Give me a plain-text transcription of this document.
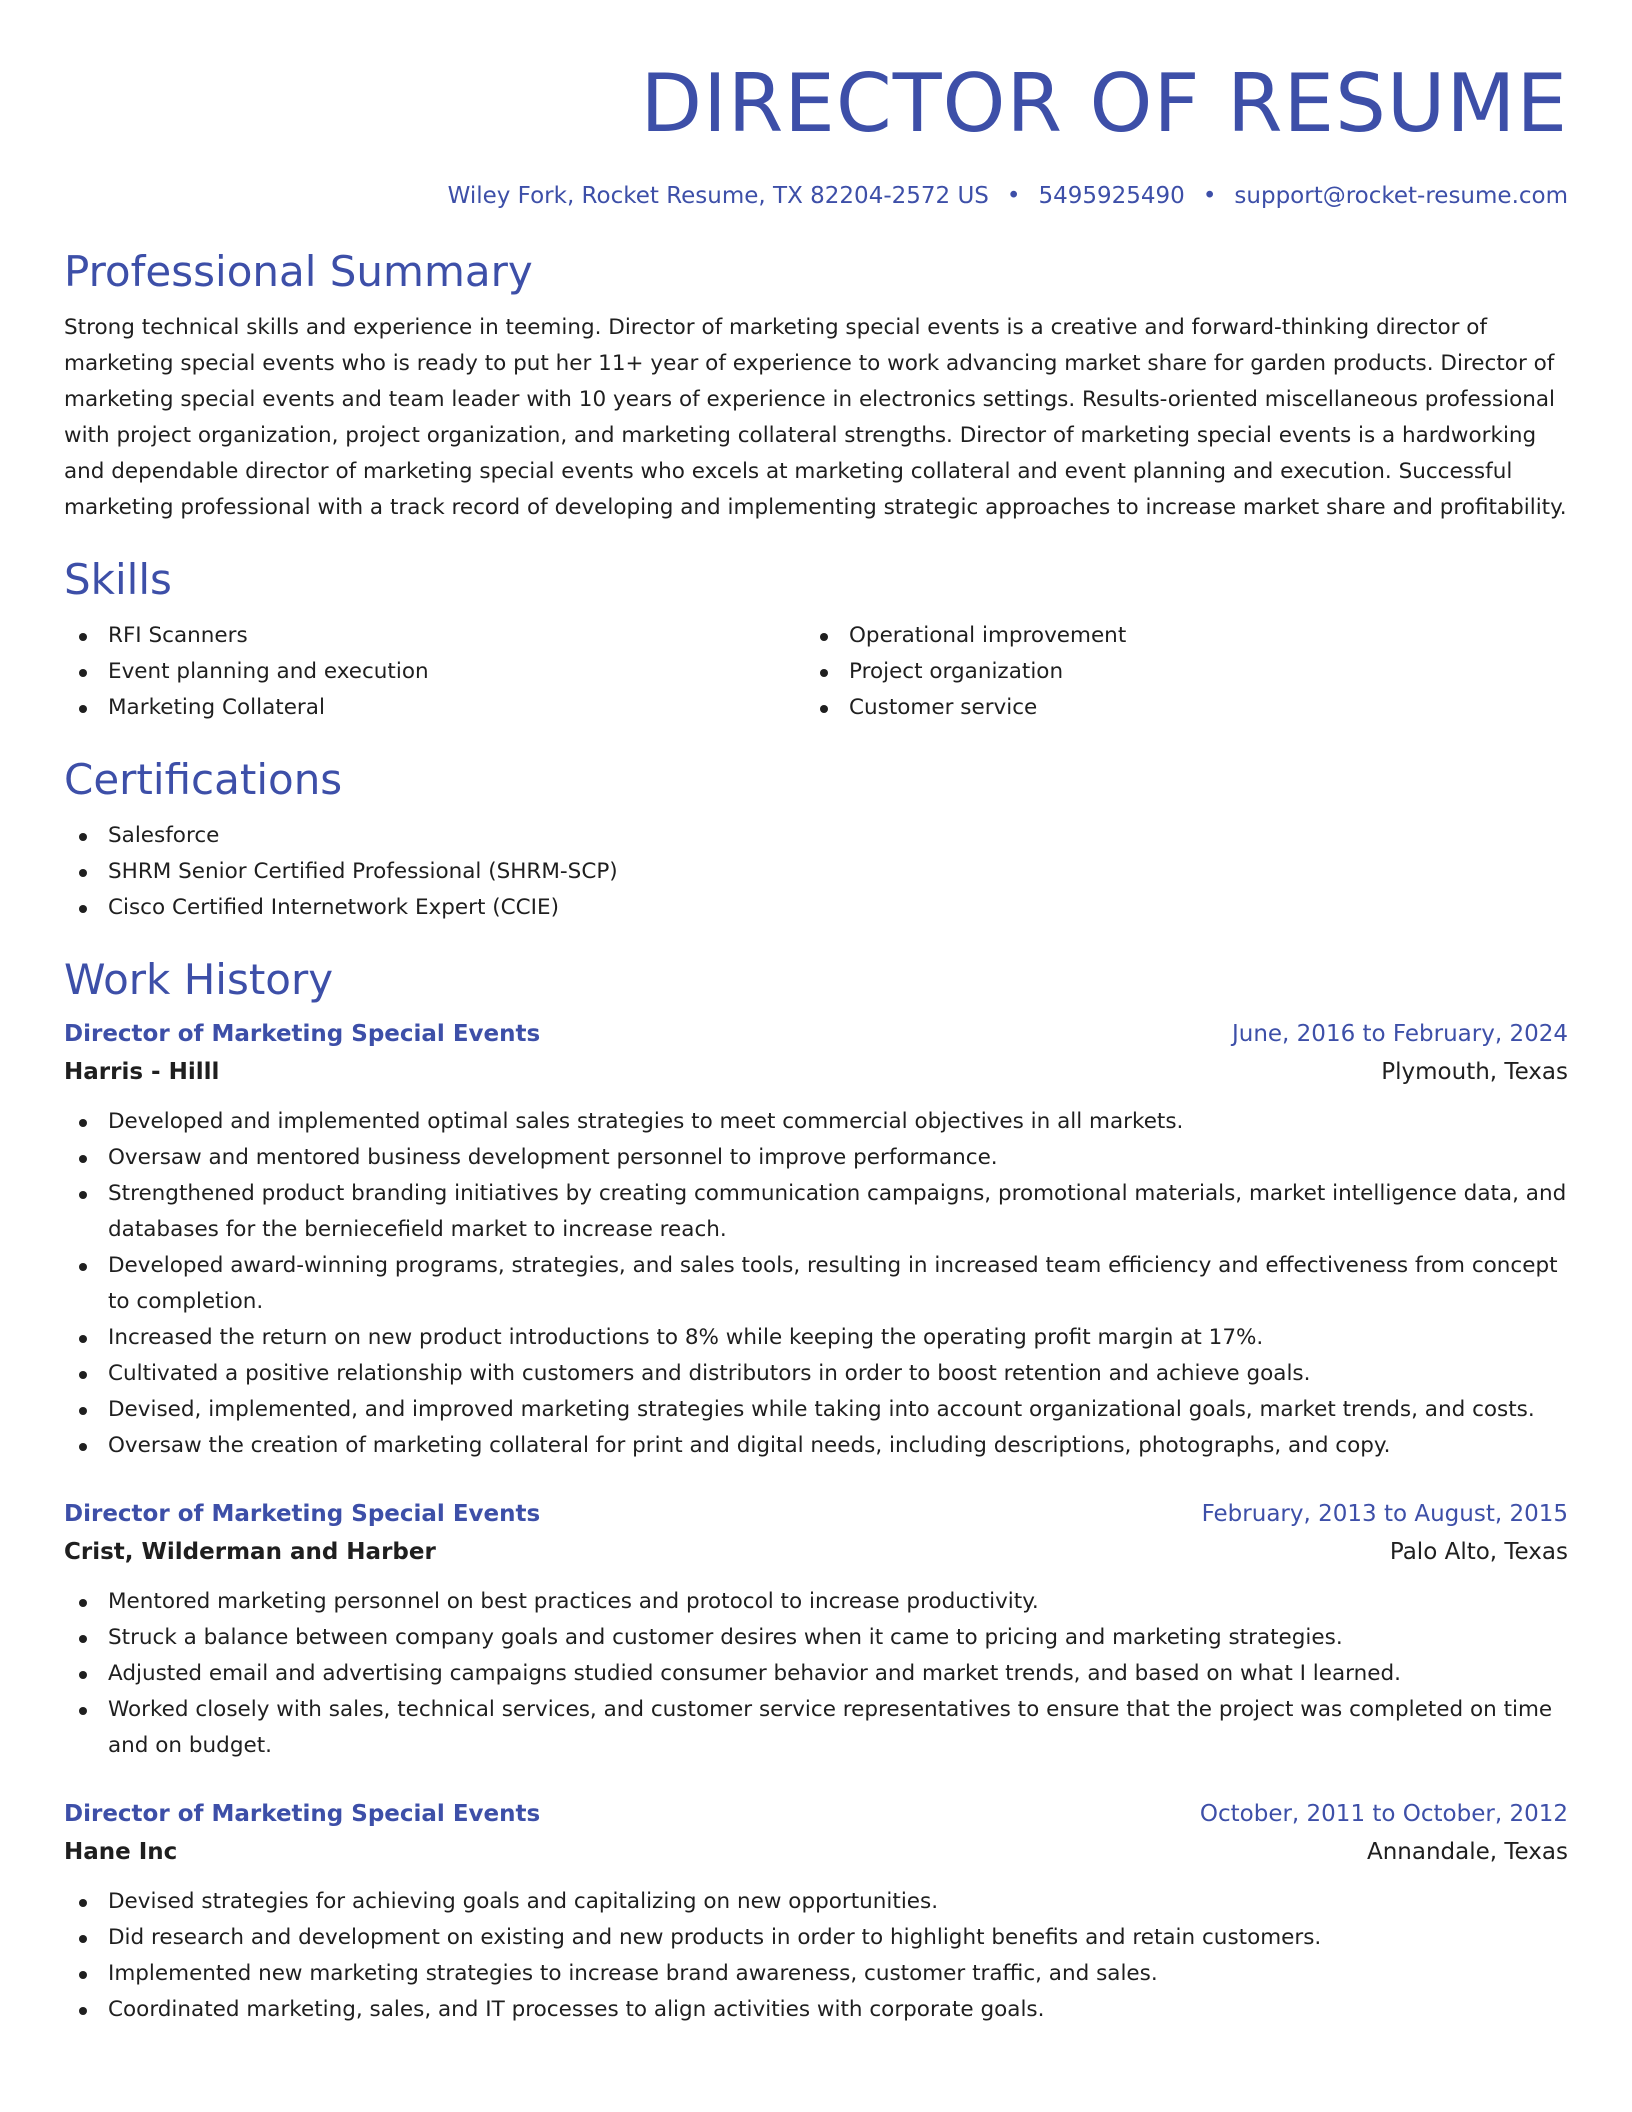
DIRECTOR OF RESUME
Wiley Fork, Rocket Resume, TX 82204-2572 US • 5495925490 • support@rocket-resume.com
Professional Summary
Strong technical skills and experience in teeming. Director of marketing special events is a creative and forward-thinking director of marketing special events who is ready to put her 11+ year of experience to work advancing market share for garden products. Director of marketing special events and team leader with 10 years of experience in electronics settings. Results-oriented miscellaneous professional with project organization, project organization, and marketing collateral strengths. Director of marketing special events is a hardworking and dependable director of marketing special events who excels at marketing collateral and event planning and execution. Successful marketing professional with a track record of developing and implementing strategic approaches to increase market share and profitability.
Skills
RFI Scanners
Event planning and execution
Marketing Collateral
Operational improvement
Project organization
Customer service
Certifications
Salesforce
SHRM Senior Certified Professional (SHRM-SCP)
Cisco Certified Internetwork Expert (CCIE)
Work History
Director of Marketing Special Events	June, 2016 to February, 2024
Harris - Hilll	Plymouth, Texas
Developed and implemented optimal sales strategies to meet commercial objectives in all markets.
Oversaw and mentored business development personnel to improve performance.
Strengthened product branding initiatives by creating communication campaigns, promotional materials, market intelligence data, and databases for the berniecefield market to increase reach.
Developed award-winning programs, strategies, and sales tools, resulting in increased team efficiency and effectiveness from concept to completion.
Increased the return on new product introductions to 8% while keeping the operating profit margin at 17%.
Cultivated a positive relationship with customers and distributors in order to boost retention and achieve goals.
Devised, implemented, and improved marketing strategies while taking into account organizational goals, market trends, and costs.
Oversaw the creation of marketing collateral for print and digital needs, including descriptions, photographs, and copy.
Director of Marketing Special Events	February, 2013 to August, 2015
Crist, Wilderman and Harber	Palo Alto, Texas
Mentored marketing personnel on best practices and protocol to increase productivity.
Struck a balance between company goals and customer desires when it came to pricing and marketing strategies.
Adjusted email and advertising campaigns studied consumer behavior and market trends, and based on what I learned.
Worked closely with sales, technical services, and customer service representatives to ensure that the project was completed on time and on budget.
Director of Marketing Special Events	October, 2011 to October, 2012
Hane Inc	Annandale, Texas
Devised strategies for achieving goals and capitalizing on new opportunities.
Did research and development on existing and new products in order to highlight benefits and retain customers.
Implemented new marketing strategies to increase brand awareness, customer traffic, and sales.
Coordinated marketing, sales, and IT processes to align activities with corporate goals.
